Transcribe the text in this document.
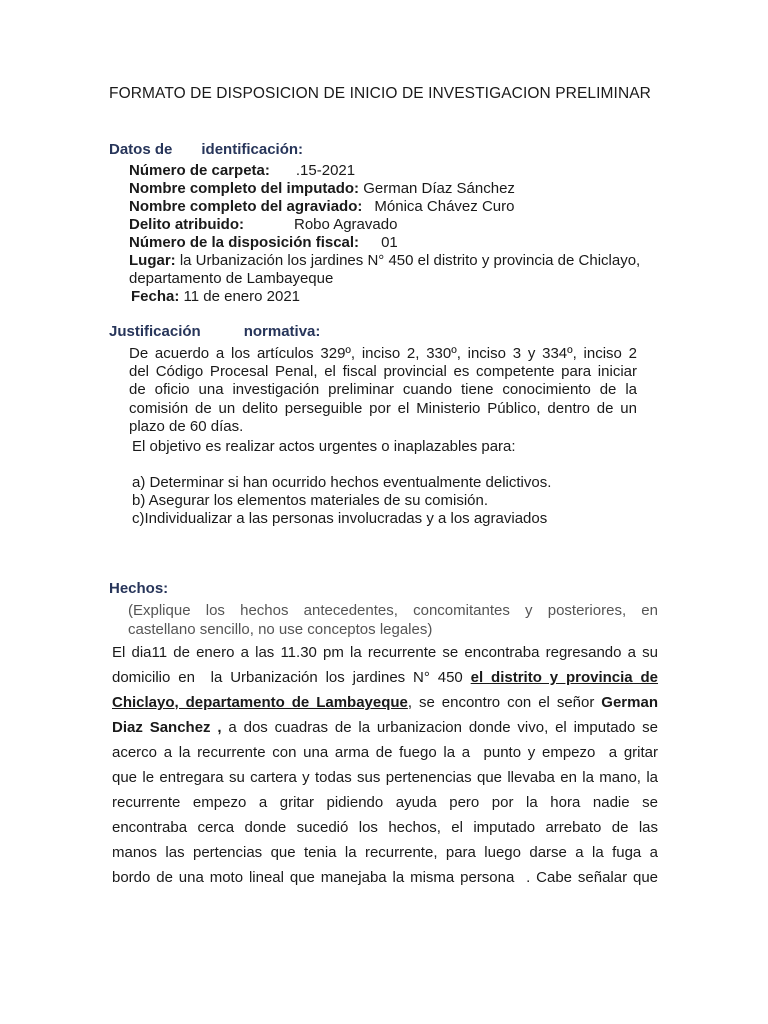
FORMATO DE DISPOSICION DE INICIO DE INVESTIGACION PRELIMINAR
Datos de identificación:
Número de carpeta: .15-2021
Nombre completo del imputado: German Díaz Sánchez
Nombre completo del agraviado: Mónica Chávez Curo
Delito atribuido:	Robo Agravado
Número de la disposición fiscal: 01
Lugar: la Urbanización los jardines N° 450 el distrito y provincia de Chiclayo,
departamento de Lambayeque
Fecha: 11 de enero 2021
Justificación	normativa:
De acuerdo a los artículos 329º, inciso 2, 330º, inciso 3 y 334º, inciso 2
del Código Procesal Penal, el fiscal provincial es competente para iniciar
de oficio una investigación preliminar cuando tiene conocimiento de la
comisión de un delito perseguible por el Ministerio Público, dentro de un
plazo de 60 días.
El objetivo es realizar actos urgentes o inaplazables para:
a) Determinar si han ocurrido hechos eventualmente delictivos.
b) Asegurar los elementos materiales de su comisión.
c)Individualizar a las personas involucradas y a los agraviados
Hechos:
(Explique los hechos antecedentes, concomitantes y posteriores, en
castellano sencillo, no use conceptos legales)
El dia11 de enero a las 11.30 pm la recurrente se encontraba regresando a su
domicilio en  la Urbanización los jardines N° 450 el distrito y provincia de
Chiclayo, departamento de Lambayeque, se encontro con el señor German
Diaz Sanchez , a dos cuadras de la urbanizacion donde vivo, el imputado se
acerco a la recurrente con una arma de fuego la a  punto y empezo  a gritar
que le entregara su cartera y todas sus pertenencias que llevaba en la mano, la
recurrente empezo a gritar pidiendo ayuda pero por la hora nadie se
encontraba cerca donde sucedió los hechos, el imputado arrebato de las
manos las pertencias que tenia la recurrente, para luego darse a la fuga a
bordo de una moto lineal que manejaba la misma persona  . Cabe señalar que
